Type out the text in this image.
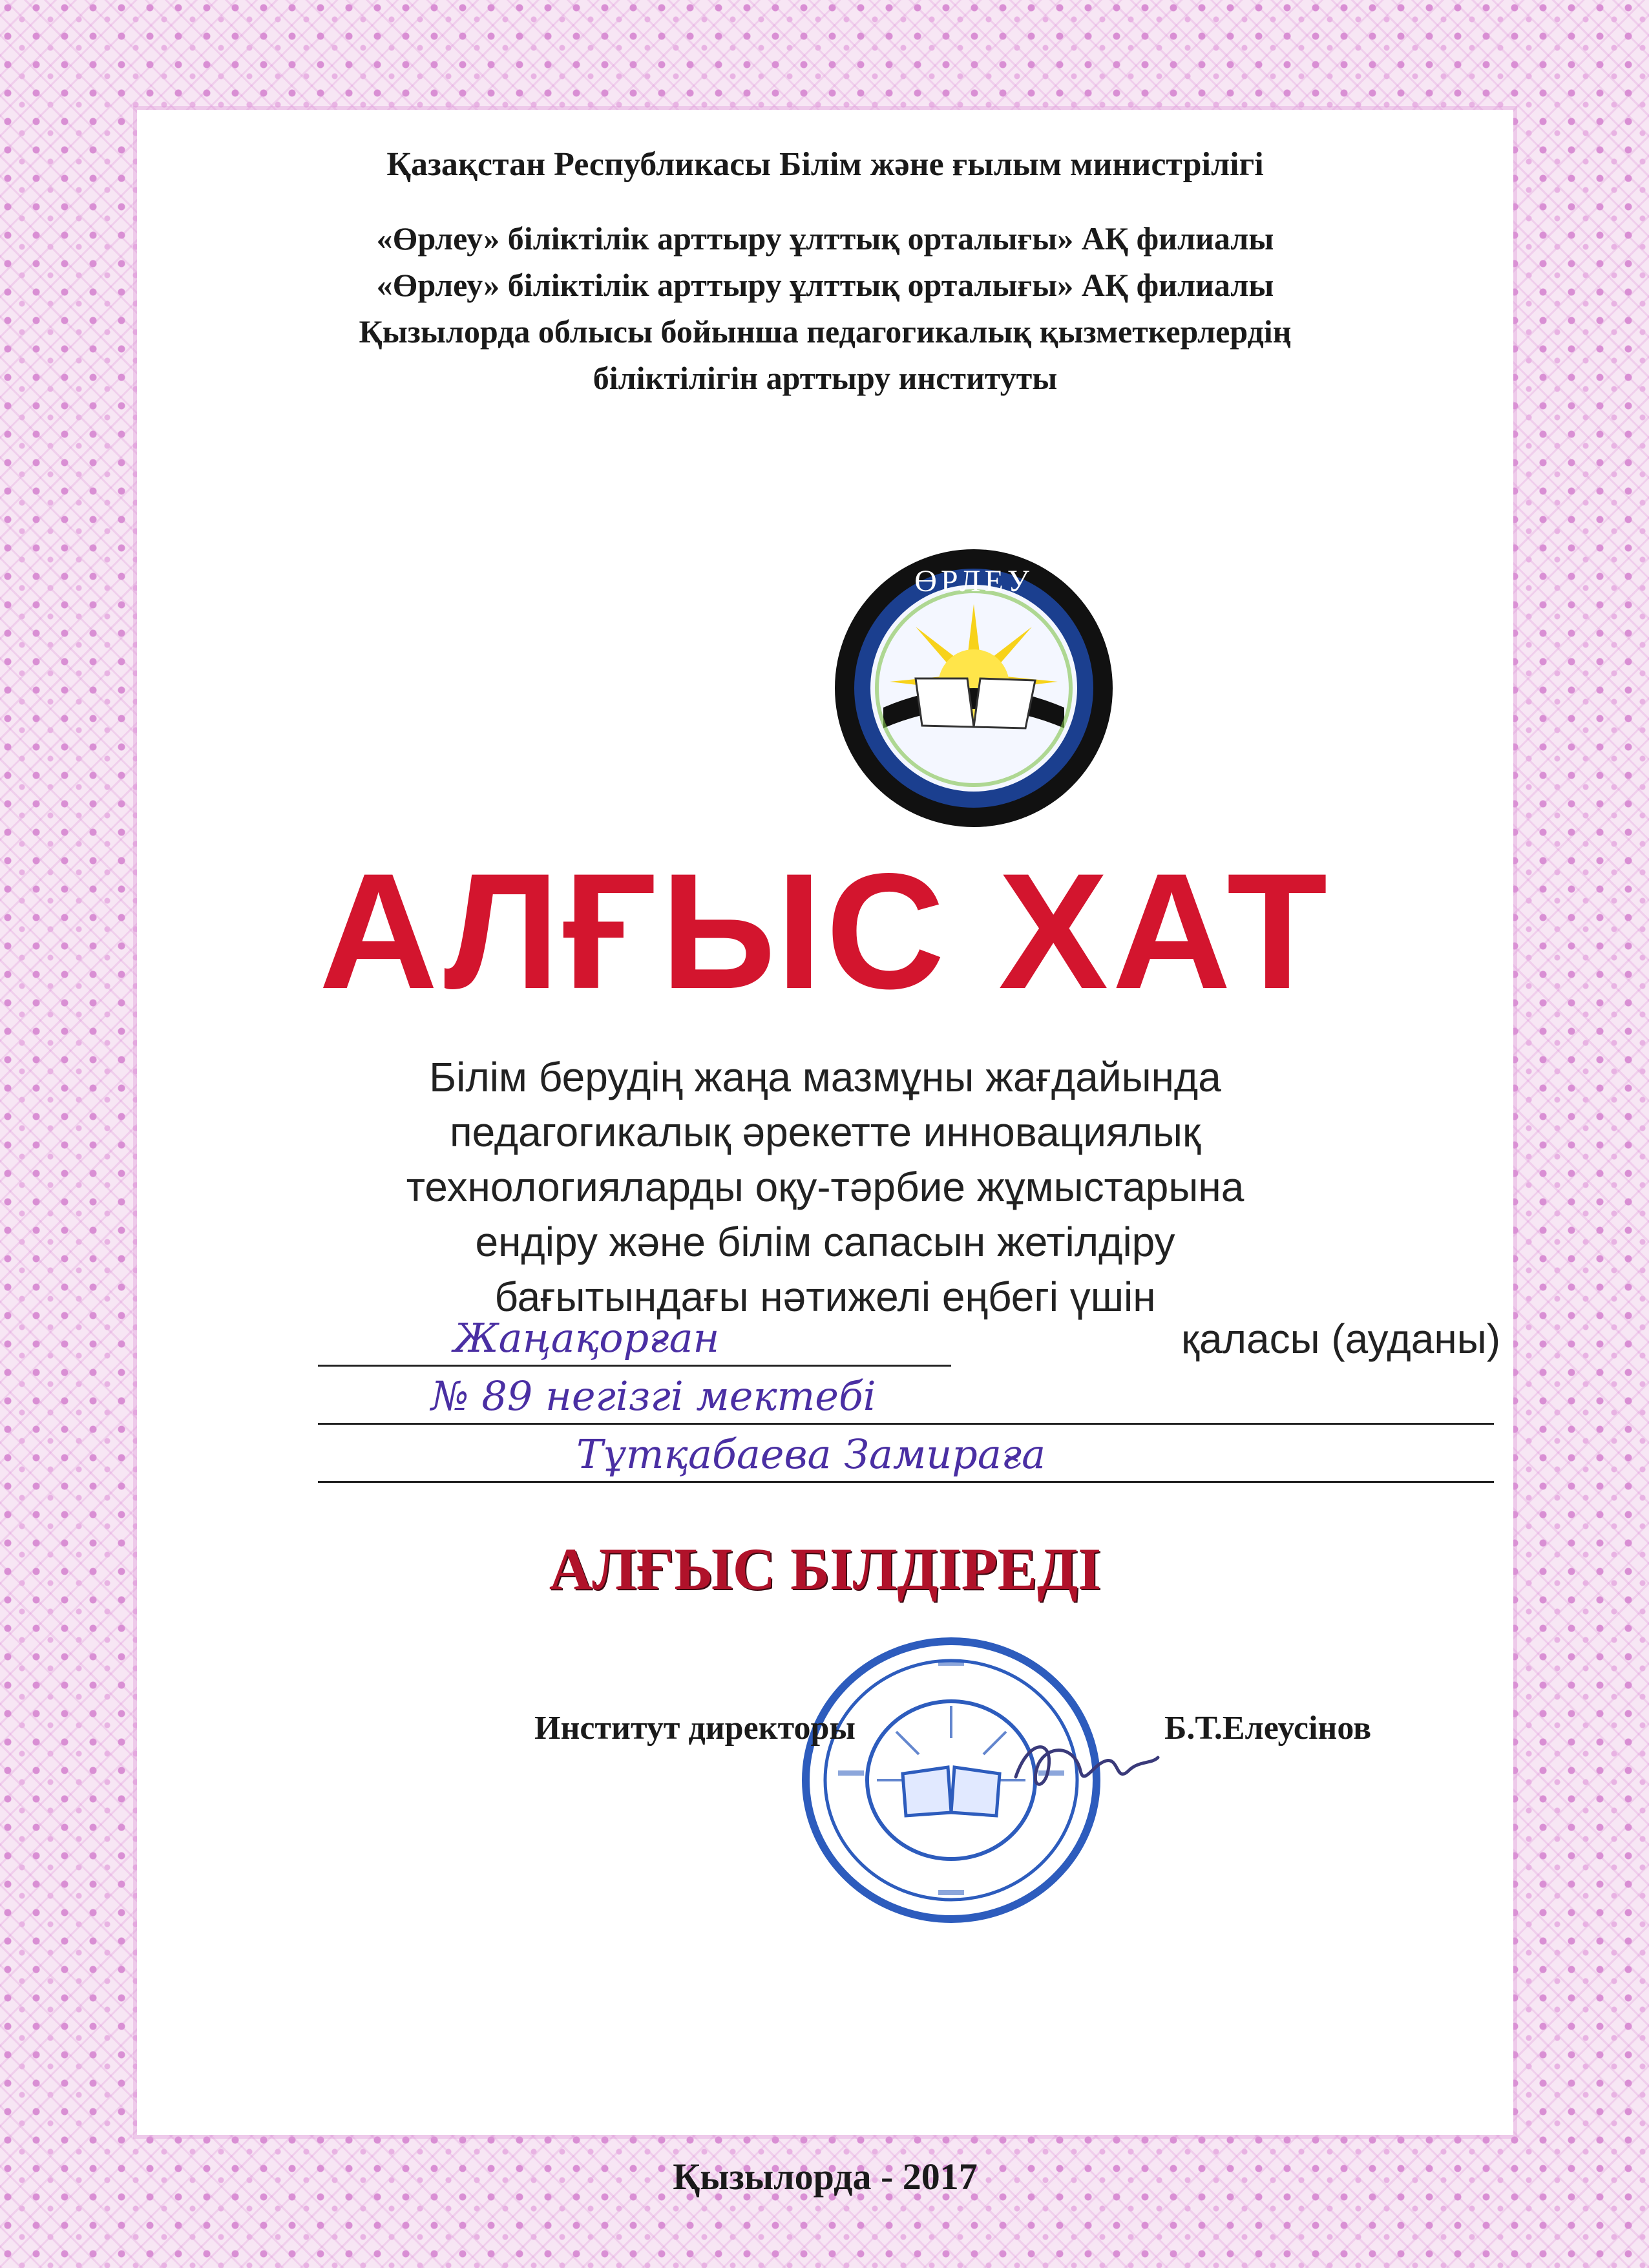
Қазақстан Республикасы Білім және ғылым министрілігі
«Өрлеу» біліктілік арттыру ұлттық орталығы» АҚ филиалы
«Өрлеу» біліктілік арттыру ұлттық орталығы» АҚ филиалы
Қызылорда облысы бойынша педагогикалық қызметкерлердің
біліктілігін арттыру институты
ӨРЛЕУ
АЛҒЫС ХАТ
Білім берудің жаңа мазмұны жағдайында
педагогикалық әрекетте инновациялық
технологияларды оқу-тәрбие жұмыстарына
ендіру және білім сапасын жетілдіру
бағытындағы нәтижелі еңбегі үшін
Жаңақорған	қаласы (ауданы)
№ 89 негізгі мектебі
Тұтқабаева Замираға
АЛҒЫС БІЛДІРЕДІ
Институт директоры	Б.Т.Елеусінов
Қызылорда - 2017
